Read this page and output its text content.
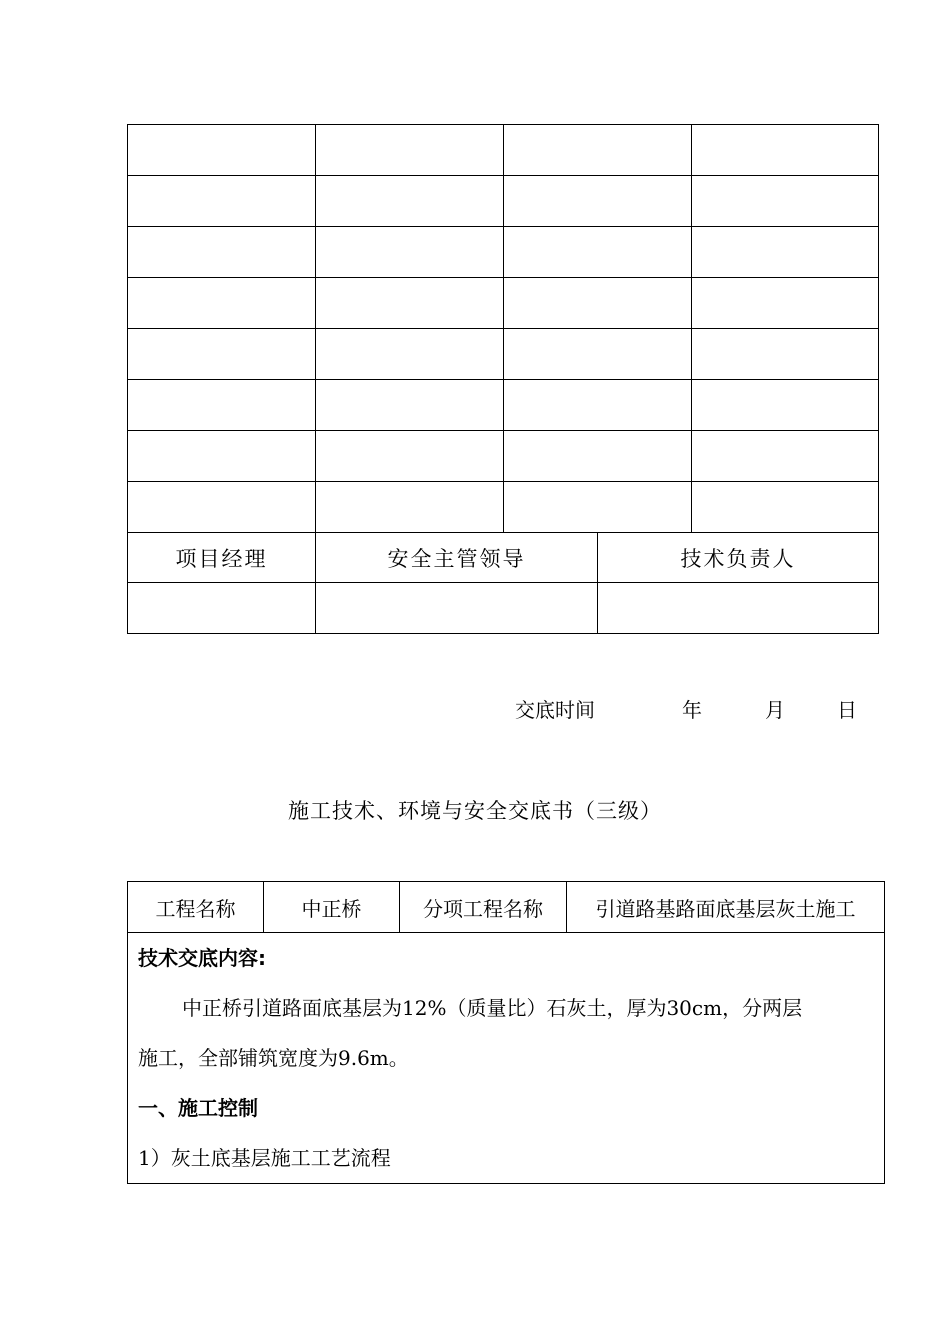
项目经理	安全主管领导		技术负责人	

交底时间	年	月	日
施工技术、环境与安全交底书（三级）
工程名称	中正桥	分项工程名称	引道路基路面底基层灰土施工

技术交底内容:

中正桥引道路面底基层为12%（质量比）石灰土，厚为30cm，分两层

施工，全部铺筑宽度为9.6m。

一、施工控制

1）灰土底基层施工工艺流程
